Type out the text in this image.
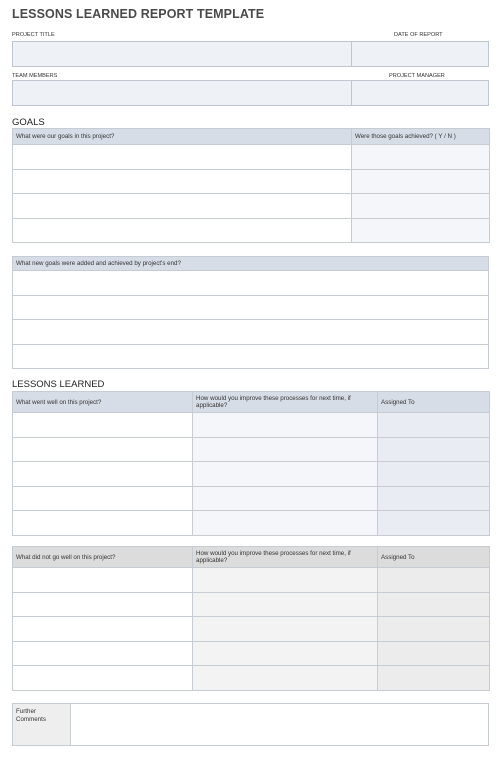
LESSONS LEARNED REPORT TEMPLATE
PROJECT TITLE	DATE OF REPORT
TEAM MEMBERS	PROJECT MANAGER
GOALS
What were our goals in this project?	Were those goals achieved? ( Y / N )

What new goals were added and achieved by project's end?

LESSONS LEARNED
What went well on this project?	How would you improve these processes for next time, if applicable?	Assigned To

What did not go well on this project?	How would you improve these processes for next time, if applicable?	Assigned To

Further
Comments
